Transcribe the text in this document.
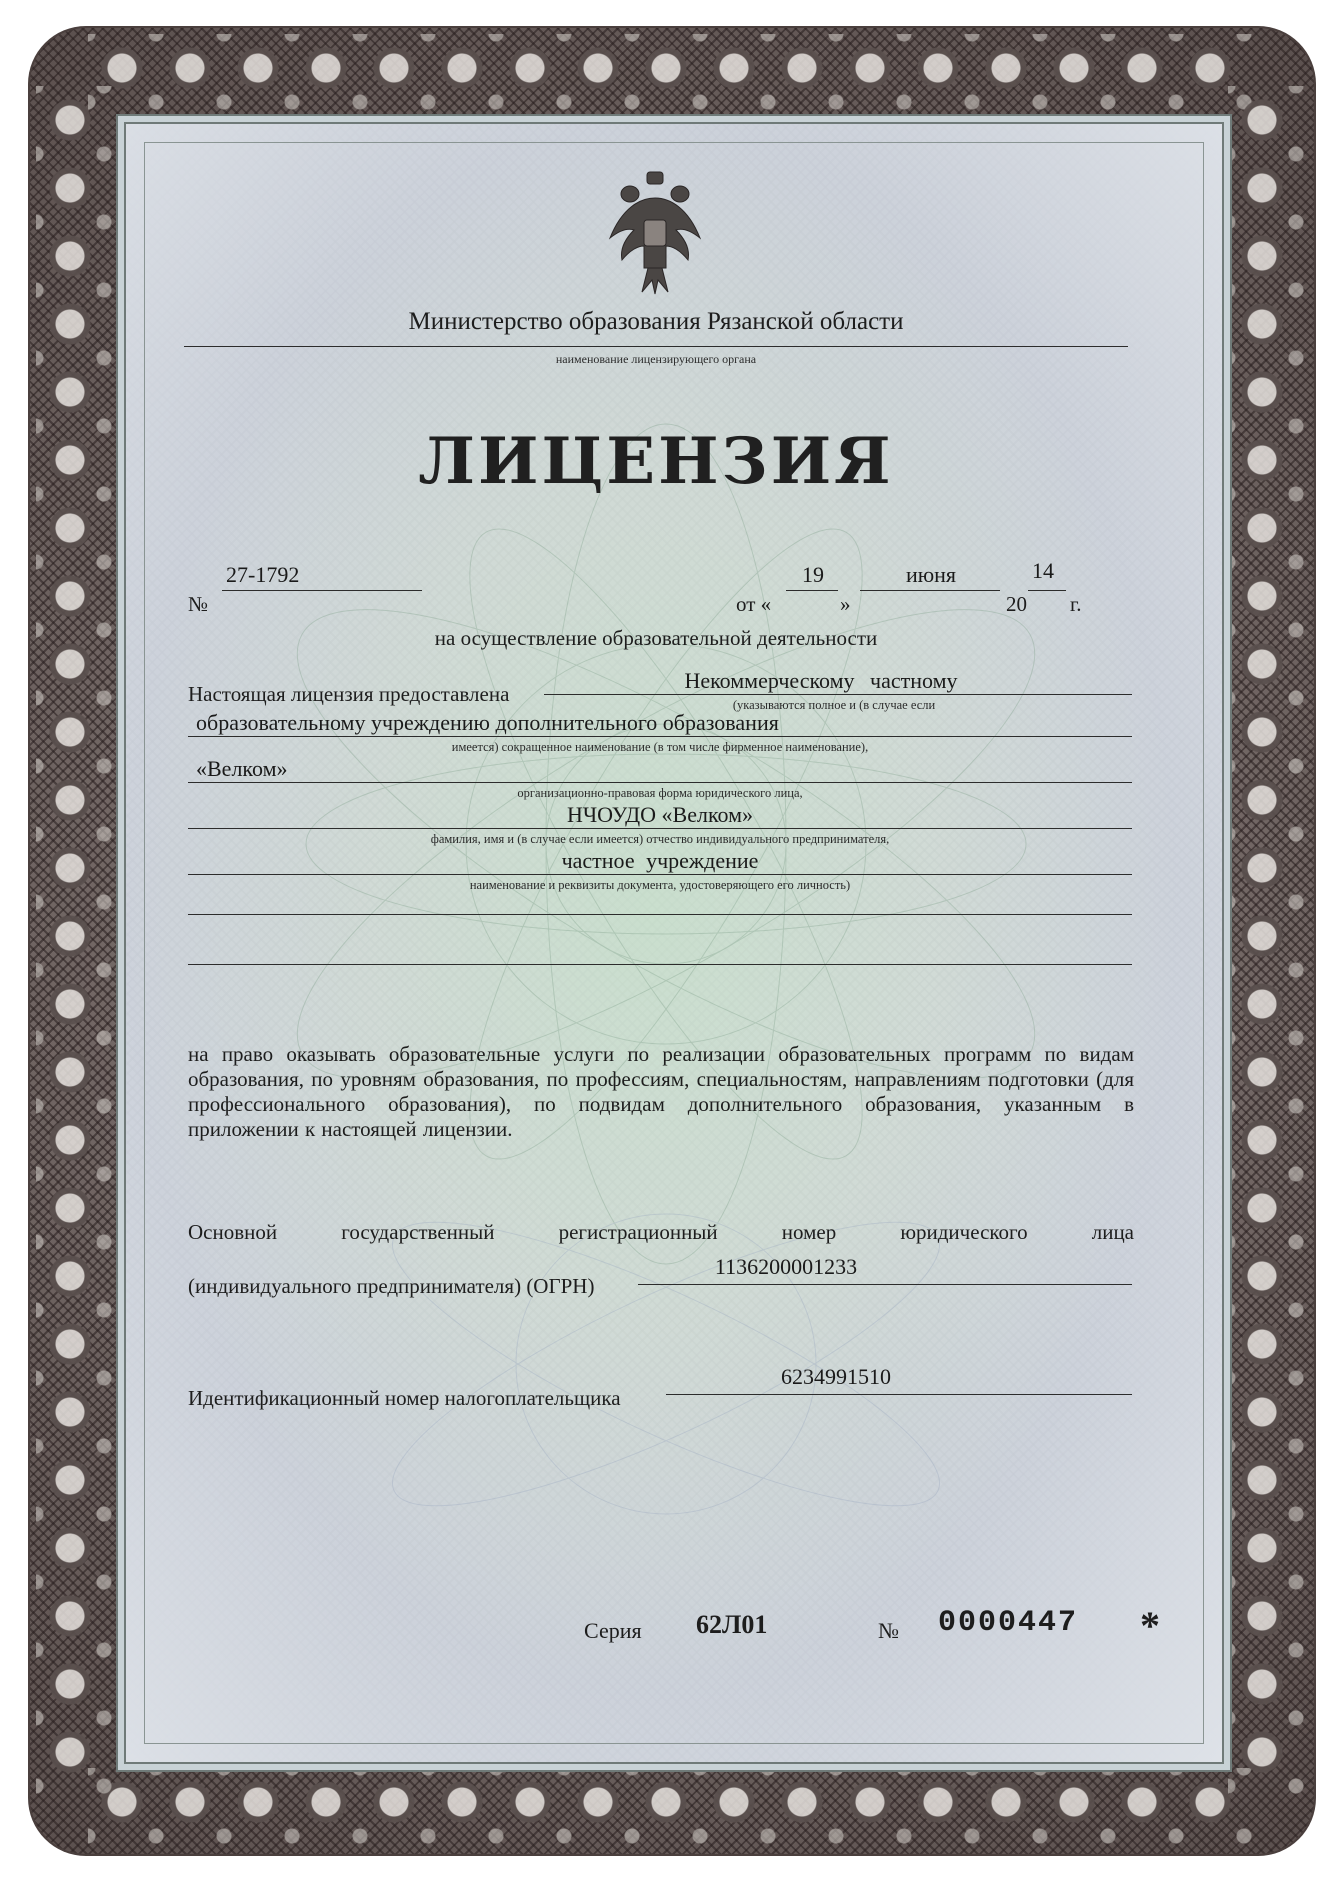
Министерство образования Рязанской области
наименование лицензирующего органа
ЛИЦЕНЗИЯ
№
27-1792
от «
19
»
июня
20
14
г.
на осуществление образовательной деятельности
Настоящая лицензия предоставлена
Некоммерческому частному
(указываются полное и (в случае если
образовательному учреждению дополнительного образования
имеется) сокращенное наименование (в том числе фирменное наименование),
«Велком»
организационно-правовая форма юридического лица,
НЧОУДО «Велком»
фамилия, имя и (в случае если имеется) отчество индивидуального предпринимателя,
частное учреждение
наименование и реквизиты документа, удостоверяющего его личность)
на право оказывать образовательные услуги по реализации образовательных программ по видам образования, по уровням образования, по профессиям, специальностям, направлениям подготовки (для профессионального образования), по подвидам дополнительного образования, указанным в приложении к настоящей лицензии.
Основной государственный регистрационный номер юридического лица
(индивидуального предпринимателя) (ОГРН)
1136200001233
Идентификационный номер налогоплательщика
6234991510
Серия 62Л01	№ 0000447 *
